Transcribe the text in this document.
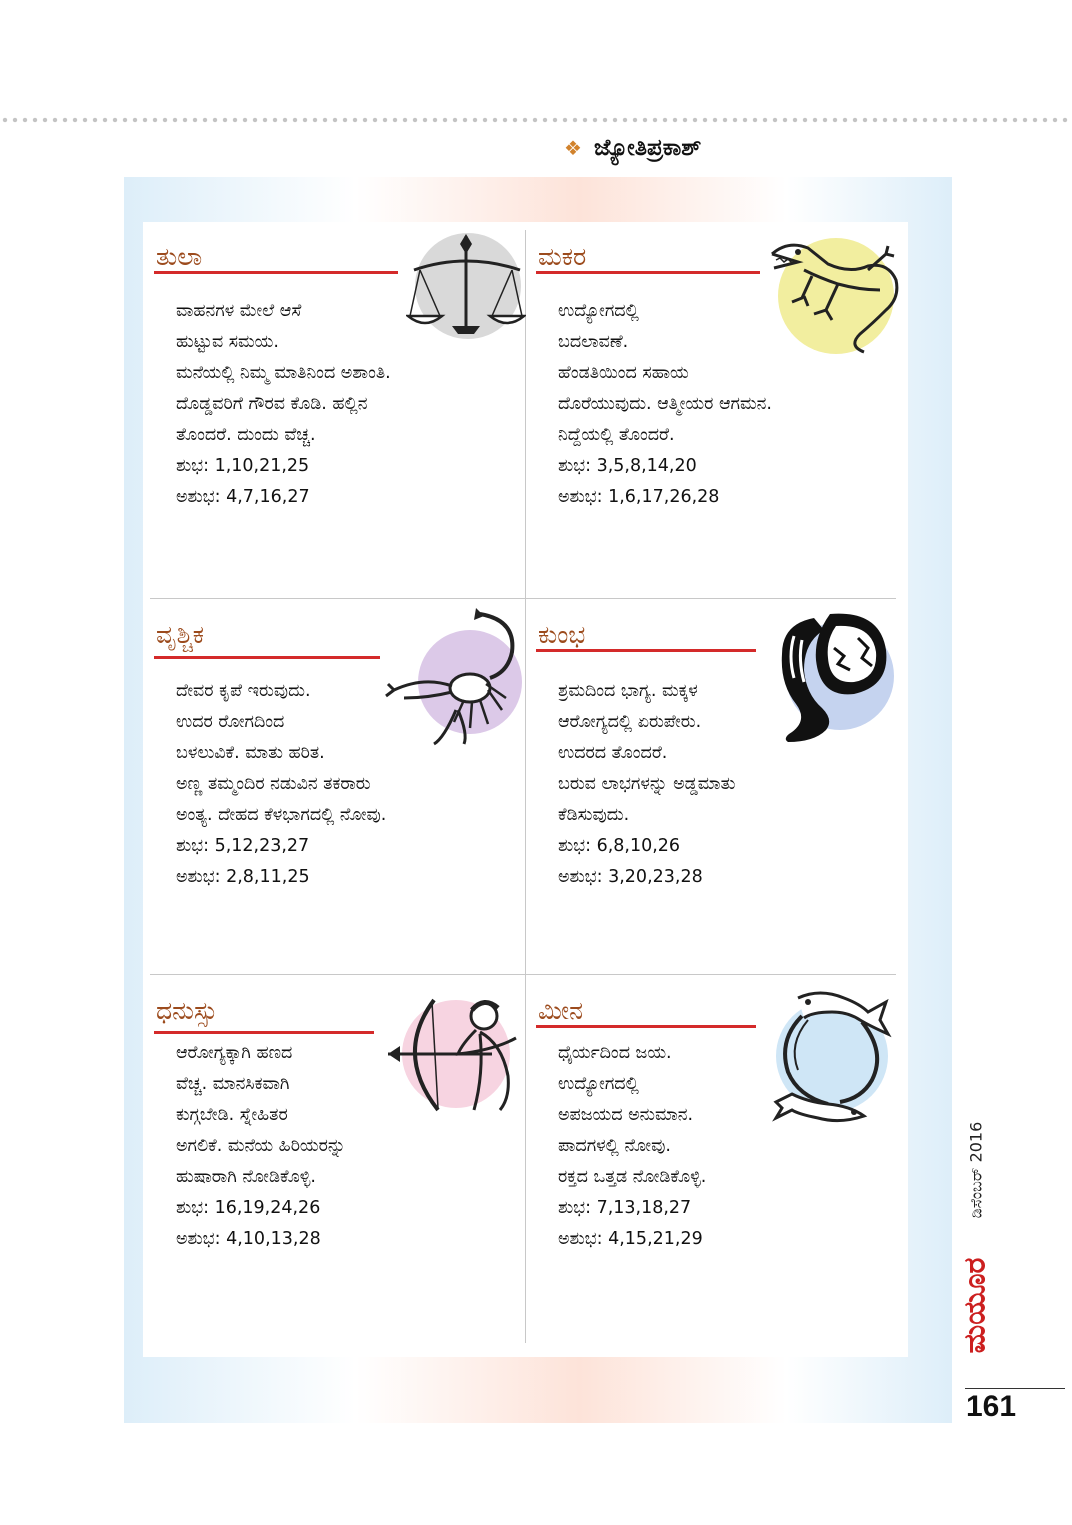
❖ ಜ್ಯೋತಿಪ್ರಕಾಶ್
ತುಲಾ
ವಾಹನಗಳ ಮೇಲೆ ಆಸೆ
ಹುಟ್ಟುವ ಸಮಯ.
ಮನೆಯಲ್ಲಿ ನಿಮ್ಮ ಮಾತಿನಿಂದ ಅಶಾಂತಿ.
ದೊಡ್ಡವರಿಗೆ ಗೌರವ ಕೊಡಿ. ಹಲ್ಲಿನ
ತೊಂದರೆ. ದುಂದು ವೆಚ್ಚ.
ಶುಭ: 1,10,21,25
ಅಶುಭ: 4,7,16,27
ಮಕರ
ಉದ್ಯೋಗದಲ್ಲಿ
ಬದಲಾವಣೆ.
ಹೆಂಡತಿಯಿಂದ ಸಹಾಯ
ದೊರೆಯುವುದು. ಆತ್ಮೀಯರ ಆಗಮನ.
ನಿದ್ದೆಯಲ್ಲಿ ತೊಂದರೆ.
ಶುಭ: 3,5,8,14,20
ಅಶುಭ: 1,6,17,26,28
ವೃಶ್ಚಿಕ
ದೇವರ ಕೃಪೆ ಇರುವುದು.
ಉದರ ರೋಗದಿಂದ
ಬಳಲುವಿಕೆ. ಮಾತು ಹರಿತ.
ಅಣ್ಣ ತಮ್ಮಂದಿರ ನಡುವಿನ ತಕರಾರು
ಅಂತ್ಯ. ದೇಹದ ಕೆಳಭಾಗದಲ್ಲಿ ನೋವು.
ಶುಭ: 5,12,23,27
ಅಶುಭ: 2,8,11,25
ಕುಂಭ
ಶ್ರಮದಿಂದ ಭಾಗ್ಯ. ಮಕ್ಕಳ
ಆರೋಗ್ಯದಲ್ಲಿ ಏರುಪೇರು.
ಉದರದ ತೊಂದರೆ.
ಬರುವ ಲಾಭಗಳನ್ನು ಅಡ್ಡಮಾತು
ಕೆಡಿಸುವುದು.
ಶುಭ: 6,8,10,26
ಅಶುಭ: 3,20,23,28
ಧನುಸ್ಸು
ಆರೋಗ್ಯಕ್ಕಾಗಿ ಹಣದ
ವೆಚ್ಚ. ಮಾನಸಿಕವಾಗಿ
ಕುಗ್ಗಬೇಡಿ. ಸ್ನೇಹಿತರ
ಅಗಲಿಕೆ. ಮನೆಯ ಹಿರಿಯರನ್ನು
ಹುಷಾರಾಗಿ ನೋಡಿಕೊಳ್ಳಿ.
ಶುಭ: 16,19,24,26
ಅಶುಭ: 4,10,13,28
ಮೀನ
ಧೈರ್ಯದಿಂದ ಜಯ.
ಉದ್ಯೋಗದಲ್ಲಿ
ಅಪಜಯದ ಅನುಮಾನ.
ಪಾದಗಳಲ್ಲಿ ನೋವು.
ರಕ್ತದ ಒತ್ತಡ ನೋಡಿಕೊಳ್ಳಿ.
ಶುಭ: 7,13,18,27
ಅಶುಭ: 4,15,21,29
ಡಿಸೆಂಬರ್ 2016
ಮಯೂರ
161
